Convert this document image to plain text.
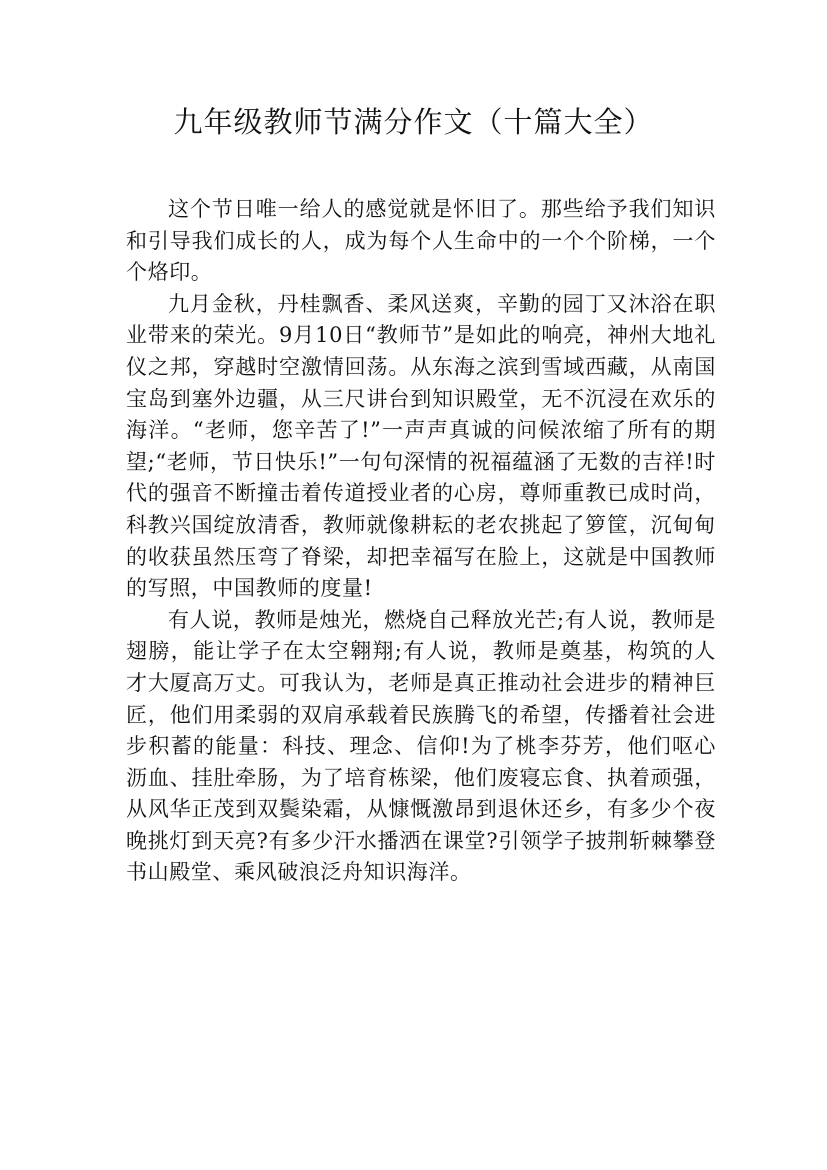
九年级教师节满分作文（十篇大全）

这个节日唯一给人的感觉就是怀旧了。那些给予我们知识和引导我们成长的人，成为每个人生命中的一个个阶梯，一个个烙印。

九月金秋，丹桂飘香、柔风送爽，辛勤的园丁又沐浴在职业带来的荣光。9月10日“教师节”是如此的响亮，神州大地礼仪之邦，穿越时空激情回荡。从东海之滨到雪域西藏，从南国宝岛到塞外边疆，从三尺讲台到知识殿堂，无不沉浸在欢乐的海洋。“老师，您辛苦了!”一声声真诚的问候浓缩了所有的期望;“老师，节日快乐!”一句句深情的祝福蕴涵了无数的吉祥!时代的强音不断撞击着传道授业者的心房，尊师重教已成时尚，科教兴国绽放清香，教师就像耕耘的老农挑起了箩筐，沉甸甸的收获虽然压弯了脊梁，却把幸福写在脸上，这就是中国教师的写照，中国教师的度量!

有人说，教师是烛光，燃烧自己释放光芒;有人说，教师是翅膀，能让学子在太空翱翔;有人说，教师是奠基，构筑的人才大厦高万丈。可我认为，老师是真正推动社会进步的精神巨匠，他们用柔弱的双肩承载着民族腾飞的希望，传播着社会进步积蓄的能量：科技、理念、信仰!为了桃李芬芳，他们呕心沥血、挂肚牵肠，为了培育栋梁，他们废寝忘食、执着顽强，从风华正茂到双鬓染霜，从慷慨激昂到退休还乡，有多少个夜晚挑灯到天亮?有多少汗水播洒在课堂?引领学子披荆斩棘攀登书山殿堂、乘风破浪泛舟知识海洋。
